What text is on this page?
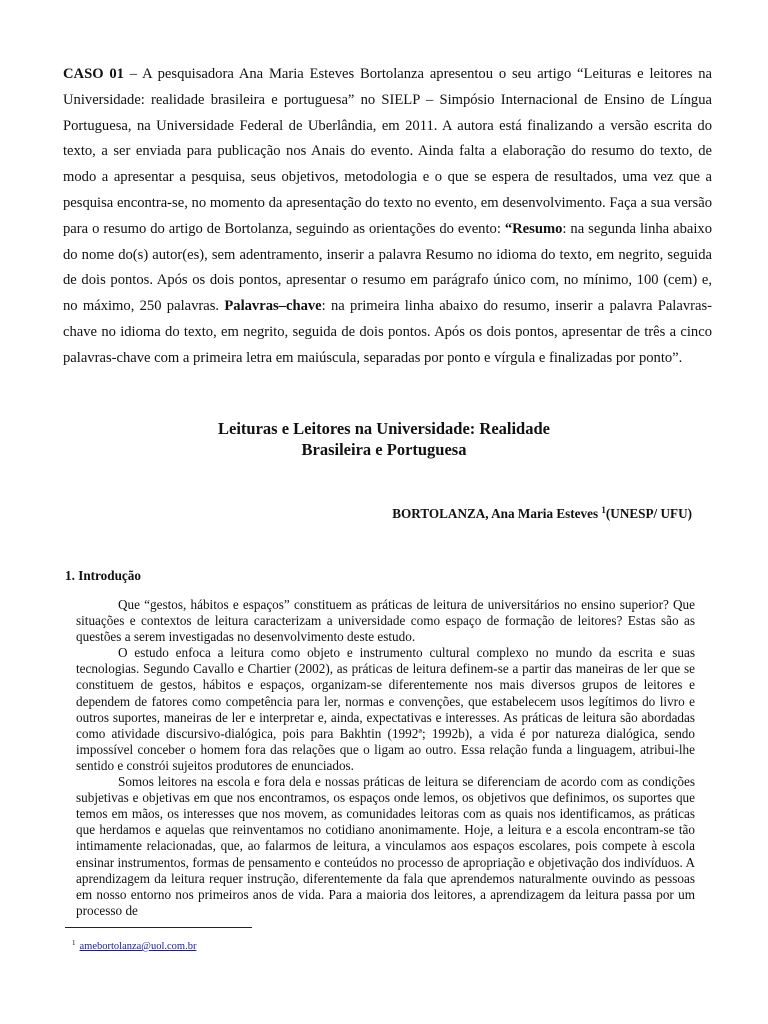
CASO 01 – A pesquisadora Ana Maria Esteves Bortolanza apresentou o seu artigo “Leituras e leitores na Universidade: realidade brasileira e portuguesa” no SIELP – Simpósio Internacional de Ensino de Língua Portuguesa, na Universidade Federal de Uberlândia, em 2011. A autora está finalizando a versão escrita do texto, a ser enviada para publicação nos Anais do evento. Ainda falta a elaboração do resumo do texto, de modo a apresentar a pesquisa, seus objetivos, metodologia e o que se espera de resultados, uma vez que a pesquisa encontra-se, no momento da apresentação do texto no evento, em desenvolvimento. Faça a sua versão para o resumo do artigo de Bortolanza, seguindo as orientações do evento: “Resumo: na segunda linha abaixo do nome do(s) autor(es), sem adentramento, inserir a palavra Resumo no idioma do texto, em negrito, seguida de dois pontos. Após os dois pontos, apresentar o resumo em parágrafo único com, no mínimo, 100 (cem) e, no máximo, 250 palavras. Palavras–chave: na primeira linha abaixo do resumo, inserir a palavra Palavras-chave no idioma do texto, em negrito, seguida de dois pontos. Após os dois pontos, apresentar de três a cinco palavras-chave com a primeira letra em maiúscula, separadas por ponto e vírgula e finalizadas por ponto”.

Leituras e Leitores na Universidade: Realidade
Brasileira e Portuguesa

BORTOLANZA, Ana Maria Esteves $^1$(UNESP/ UFU)

1. Introdução

Que “gestos, hábitos e espaços” constituem as práticas de leitura de universitários no ensino superior? Que situações e contextos de leitura caracterizam a universidade como espaço de formação de leitores? Estas são as questões a serem investigadas no desenvolvimento deste estudo.

O estudo enfoca a leitura como objeto e instrumento cultural complexo no mundo da escrita e suas tecnologias. Segundo Cavallo e Chartier (2002), as práticas de leitura definem-se a partir das maneiras de ler que se constituem de gestos, hábitos e espaços, organizam-se diferentemente nos mais diversos grupos de leitores e dependem de fatores como competência para ler, normas e convenções, que estabelecem usos legítimos do livro e outros suportes, maneiras de ler e interpretar e, ainda, expectativas e interesses. As práticas de leitura são abordadas como atividade discursivo-dialógica, pois para Bakhtin (1992ª; 1992b), a vida é por natureza dialógica, sendo impossível conceber o homem fora das relações que o ligam ao outro. Essa relação funda a linguagem, atribui-lhe sentido e constrói sujeitos produtores de enunciados.

Somos leitores na escola e fora dela e nossas práticas de leitura se diferenciam de acordo com as condições subjetivas e objetivas em que nos encontramos, os espaços onde lemos, os objetivos que definimos, os suportes que temos em mãos, os interesses que nos movem, as comunidades leitoras com as quais nos identificamos, as práticas que herdamos e aquelas que reinventamos no cotidiano anonimamente. Hoje, a leitura e a escola encontram-se tão intimamente relacionadas, que, ao falarmos de leitura, a vinculamos aos espaços escolares, pois compete à escola ensinar instrumentos, formas de pensamento e conteúdos no processo de apropriação e objetivação dos indivíduos. A aprendizagem da leitura requer instrução, diferentemente da fala que aprendemos naturalmente ouvindo as pessoas em nosso entorno nos primeiros anos de vida. Para a maioria dos leitores, a aprendizagem da leitura passa por um processo de

$^1$ amebortolanza@uol.com.br
